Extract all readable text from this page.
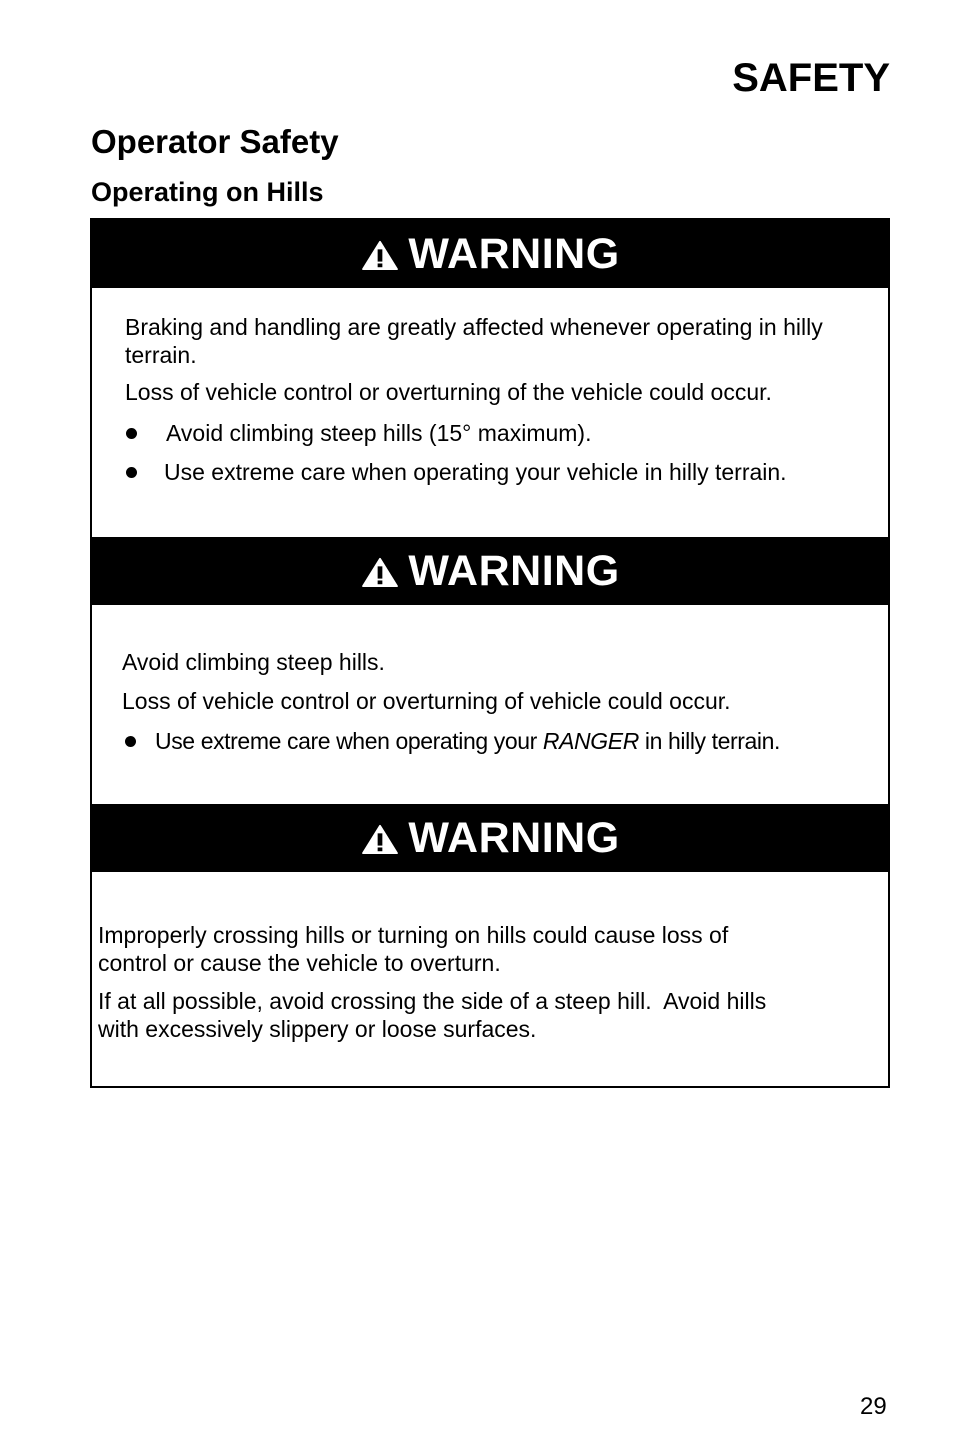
SAFETY
Operator Safety
Operating on Hills
WARNING

Braking and handling are greatly affected whenever operating in hilly terrain.

Loss of vehicle control or overturning of the vehicle could occur.

Avoid climbing steep hills (15° maximum).
Use extreme care when operating your vehicle in hilly terrain.
WARNING

Avoid climbing steep hills.

Loss of vehicle control or overturning of vehicle could occur.

Use extreme care when operating your RANGER in hilly terrain.
WARNING

Improperly crossing hills or turning on hills could cause loss of control or cause the vehicle to overturn.

If at all possible, avoid crossing the side of a steep hill.  Avoid hills with excessively slippery or loose surfaces.

29
